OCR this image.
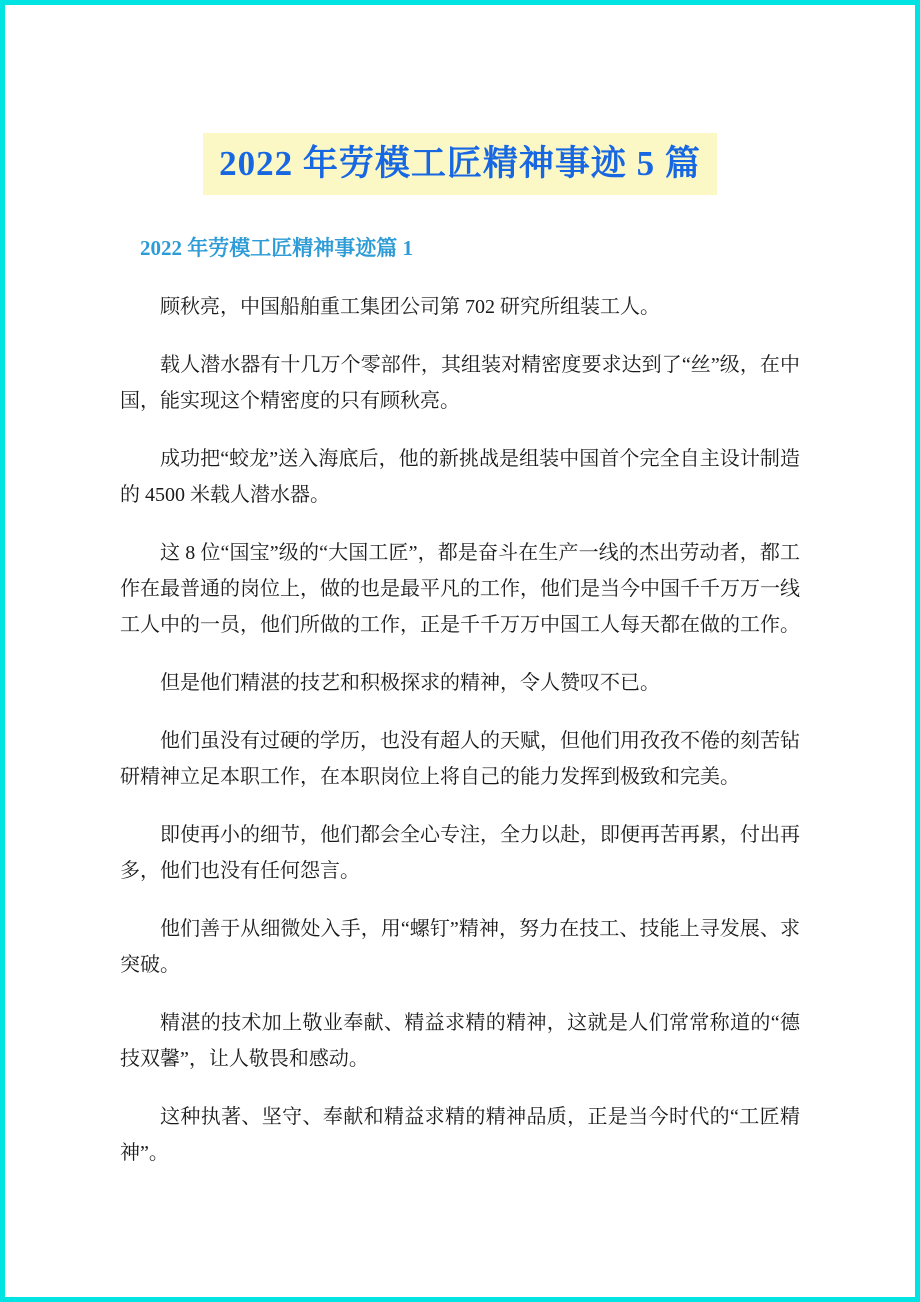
2022 年劳模工匠精神事迹 5 篇
2022 年劳模工匠精神事迹篇 1

顾秋亮，中国船舶重工集团公司第 702 研究所组装工人。

载人潜水器有十几万个零部件，其组装对精密度要求达到了“丝”级，在中国，能实现这个精密度的只有顾秋亮。

成功把“蛟龙”送入海底后，他的新挑战是组装中国首个完全自主设计制造的 4500 米载人潜水器。

这 8 位“国宝”级的“大国工匠”，都是奋斗在生产一线的杰出劳动者，都工作在最普通的岗位上，做的也是最平凡的工作，他们是当今中国千千万万一线工人中的一员，他们所做的工作，正是千千万万中国工人每天都在做的工作。

但是他们精湛的技艺和积极探求的精神，令人赞叹不已。

他们虽没有过硬的学历，也没有超人的天赋，但他们用孜孜不倦的刻苦钻研精神立足本职工作，在本职岗位上将自己的能力发挥到极致和完美。

即使再小的细节，他们都会全心专注，全力以赴，即便再苦再累，付出再多，他们也没有任何怨言。

他们善于从细微处入手，用“螺钉”精神，努力在技工、技能上寻发展、求突破。

精湛的技术加上敬业奉献、精益求精的精神，这就是人们常常称道的“德技双馨”，让人敬畏和感动。

这种执著、坚守、奉献和精益求精的精神品质，正是当今时代的“工匠精神”。
